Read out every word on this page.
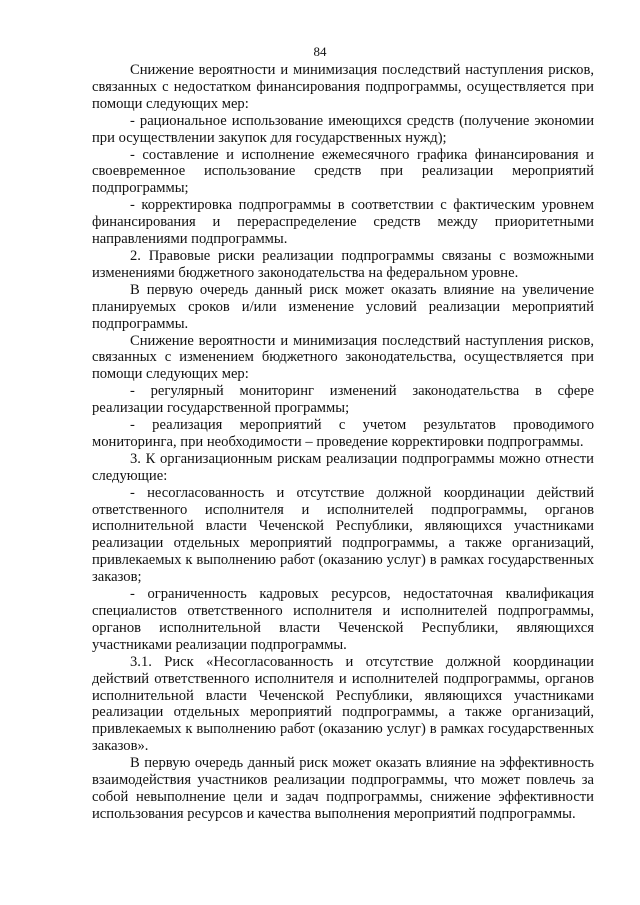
84

Снижение вероятности и минимизация последствий наступления рисков, связанных с недостатком финансирования подпрограммы, осуществляется при помощи следующих мер:

- рациональное использование имеющихся средств (получение экономии при осуществлении закупок для государственных нужд);

- составление и исполнение ежемесячного графика финансирования и своевременное использование средств при реализации мероприятий подпрограммы;

- корректировка подпрограммы в соответствии с фактическим уровнем финансирования и перераспределение средств между приоритетными направлениями подпрограммы.

2. Правовые риски реализации подпрограммы связаны с возможными изменениями бюджетного законодательства на федеральном уровне.

В первую очередь данный риск может оказать влияние на увеличение планируемых сроков и/или изменение условий реализации мероприятий подпрограммы.

Снижение вероятности и минимизация последствий наступления рисков, связанных с изменением бюджетного законодательства, осуществляется при помощи следующих мер:

- регулярный мониторинг изменений законодательства в сфере реализации государственной программы;

- реализация мероприятий с учетом результатов проводимого мониторинга, при необходимости – проведение корректировки подпрограммы.

3. К организационным рискам реализации подпрограммы можно отнести следующие:

- несогласованность и отсутствие должной координации действий ответственного исполнителя и исполнителей подпрограммы, органов исполнительной власти Чеченской Республики, являющихся участниками реализации отдельных мероприятий подпрограммы, а также организаций, привлекаемых к выполнению работ (оказанию услуг) в рамках государственных заказов;

- ограниченность кадровых ресурсов, недостаточная квалификация специалистов ответственного исполнителя и исполнителей подпрограммы, органов исполнительной власти Чеченской Республики, являющихся участниками реализации подпрограммы.

3.1. Риск «Несогласованность и отсутствие должной координации действий ответственного исполнителя и исполнителей подпрограммы, органов исполнительной власти Чеченской Республики, являющихся участниками реализации отдельных мероприятий подпрограммы, а также организаций, привлекаемых к выполнению работ (оказанию услуг) в рамках государственных заказов».

В первую очередь данный риск может оказать влияние на эффективность взаимодействия участников реализации подпрограммы, что может повлечь за собой невыполнение цели и задач подпрограммы, снижение эффективности использования ресурсов и качества выполнения мероприятий подпрограммы.
